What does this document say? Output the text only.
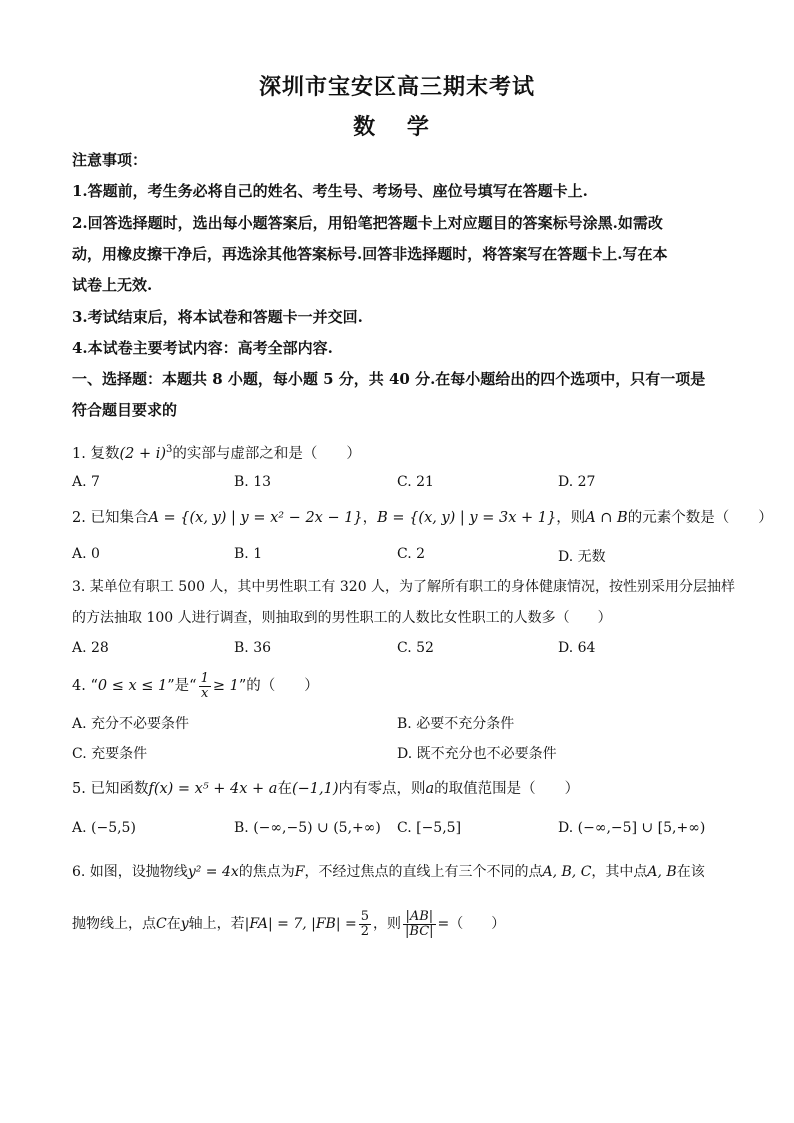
深圳市宝安区高三期末考试
数 学
注意事项：
1.答题前，考生务必将自己的姓名、考生号、考场号、座位号填写在答题卡上.
2.回答选择题时，选出每小题答案后，用铅笔把答题卡上对应题目的答案标号涂黑.如需改
动，用橡皮擦干净后，再选涂其他答案标号.回答非选择题时，将答案写在答题卡上.写在本
试卷上无效.
3.考试结束后，将本试卷和答题卡一并交回.
4.本试卷主要考试内容：高考全部内容.
一、选择题：本题共 8 小题，每小题 5 分，共 40 分.在每小题给出的四个选项中，只有一项是
符合题目要求的
1. 复数$(2 + i)^3$的实部与虚部之和是（　　）
A. 7	B. 13	C. 21	D. 27
2. 已知集合A = {(x, y) | y = x² − 2x − 1}，B = {(x, y) | y = 3x + 1}，则A ∩ B的元素个数是（　　）
A. 0	B. 1	C. 2	D. 无数
3. 某单位有职工 500 人，其中男性职工有 320 人，为了解所有职工的身体健康情况，按性别采用分层抽样
的方法抽取 100 人进行调查，则抽取到的男性职工的人数比女性职工的人数多（　　）
A. 28	B. 36	C. 52	D. 64
4. “0 ≤ x ≤ 1”是“ $\frac{1}{x} \ge 1$”的（　　）
A. 充分不必要条件	B. 必要不充分条件
C. 充要条件	D. 既不充分也不必要条件
5. 已知函数f(x) = x⁵ + 4x + a在(−1,1)内有零点，则a的取值范围是（　　）
A. (−5,5)	B. (−∞,−5) ∪ (5,+∞) C. [−5,5]	D. (−∞,−5] ∪ [5,+∞)
6. 如图，设抛物线y² = 4x的焦点为F，不经过焦点的直线上有三个不同的点A, B, C，其中点A, B在该
抛物线上，点C在y轴上，若|FA| = 7, $|FB| = \frac{5}{2}$ ，则 $\frac{|AB|}{|BC|}$ =（　　）
